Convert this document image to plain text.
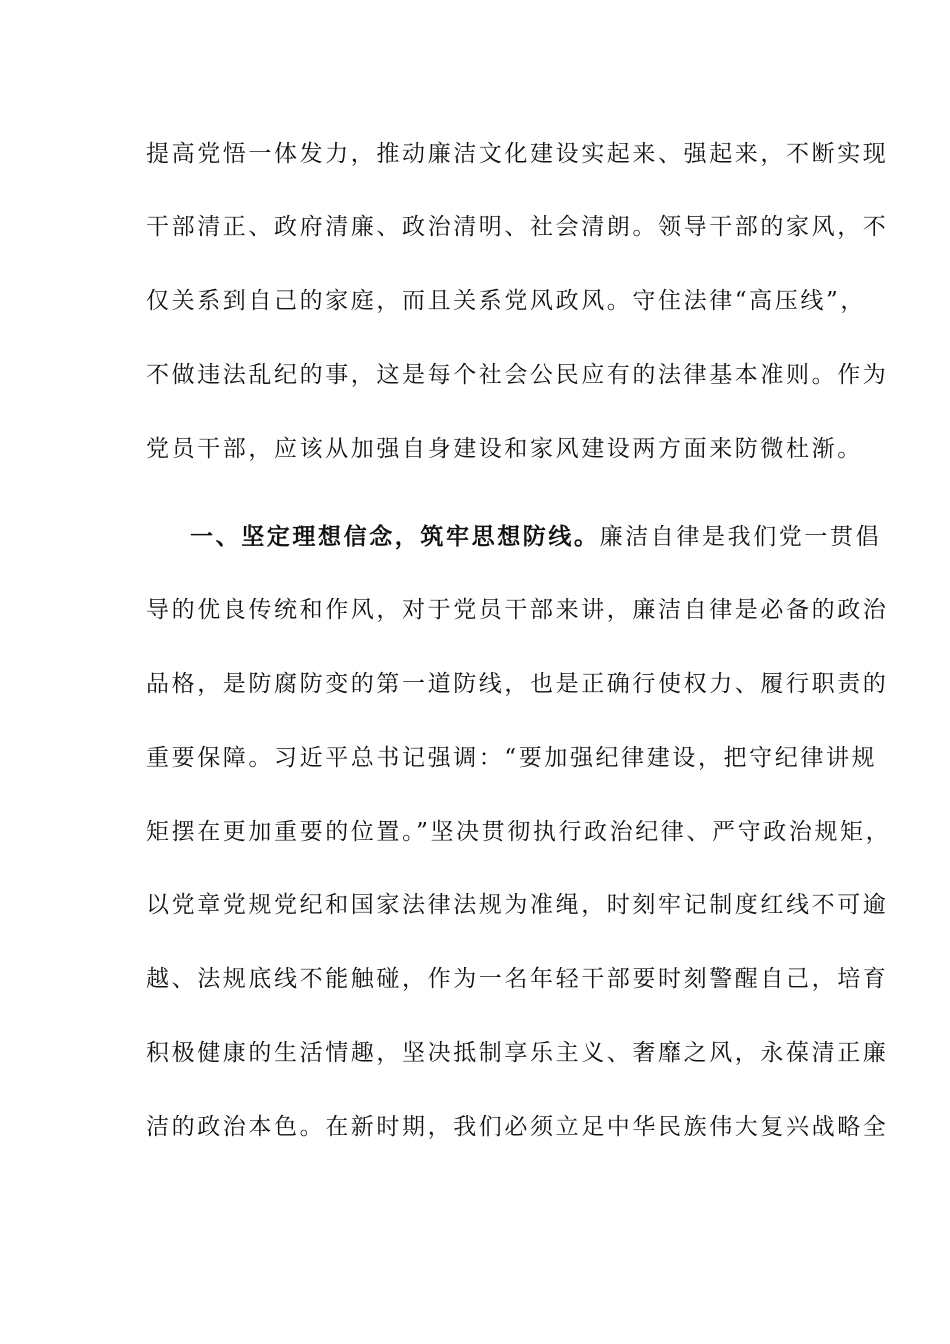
提高党悟一体发力，推动廉洁文化建设实起来、强起来，不断实现
干部清正、政府清廉、政治清明、社会清朗。领导干部的家风，不
仅关系到自己的家庭，而且关系党风政风。守住法律“高压线”，
不做违法乱纪的事，这是每个社会公民应有的法律基本准则。作为
党员干部，应该从加强自身建设和家风建设两方面来防微杜渐。
一、坚定理想信念，筑牢思想防线。廉洁自律是我们党一贯倡
导的优良传统和作风，对于党员干部来讲，廉洁自律是必备的政治
品格，是防腐防变的第一道防线，也是正确行使权力、履行职责的
重要保障。习近平总书记强调：“要加强纪律建设，把守纪律讲规
矩摆在更加重要的位置。”坚决贯彻执行政治纪律、严守政治规矩，
以党章党规党纪和国家法律法规为准绳，时刻牢记制度红线不可逾
越、法规底线不能触碰，作为一名年轻干部要时刻警醒自己，培育
积极健康的生活情趣，坚决抵制享乐主义、奢靡之风，永葆清正廉
洁的政治本色。在新时期，我们必须立足中华民族伟大复兴战略全
